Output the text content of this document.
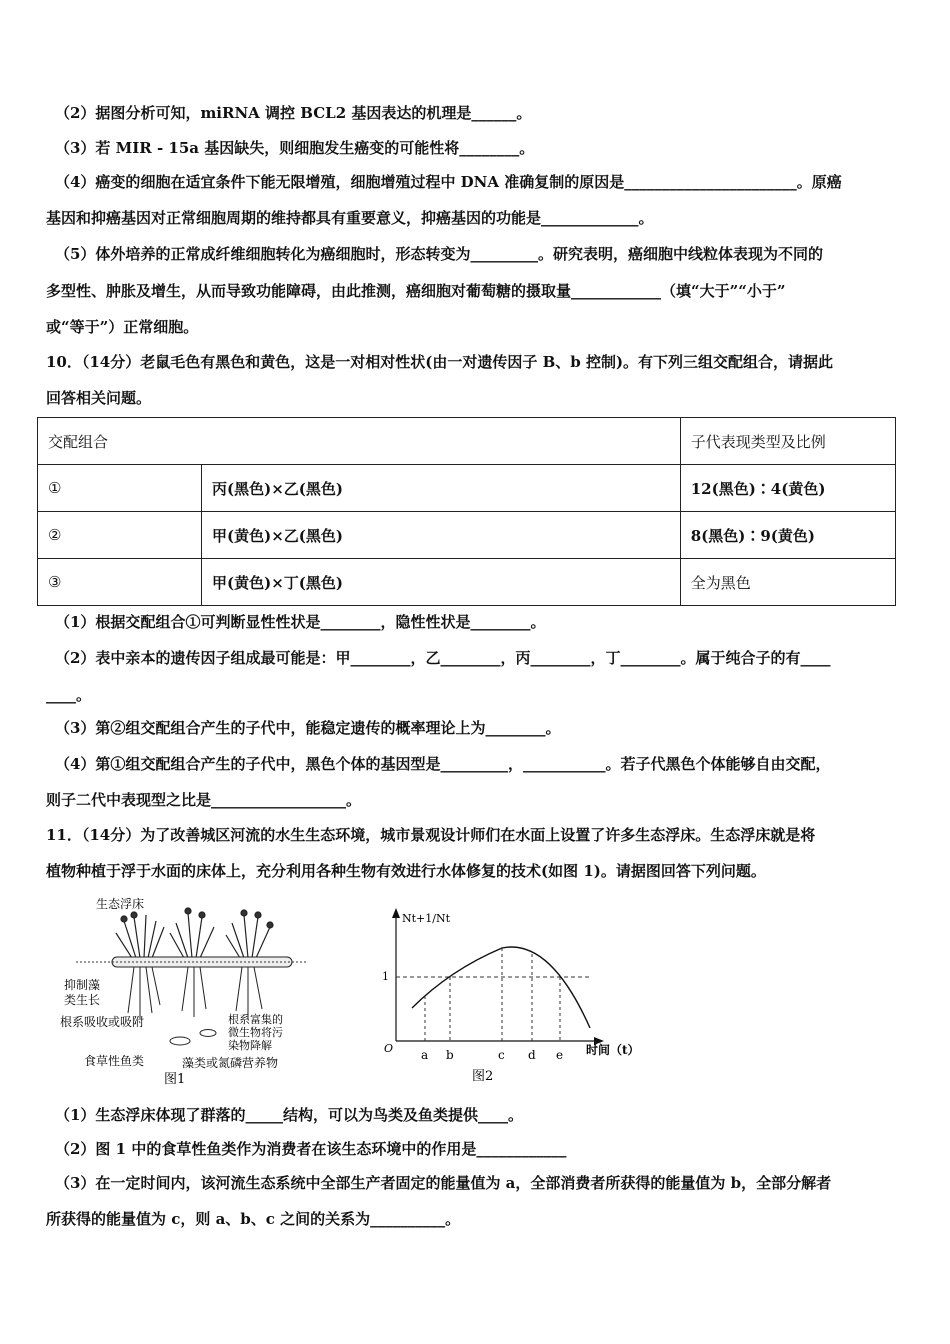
（2）据图分析可知，miRNA 调控 BCL2 基因表达的机理是______。
（3）若 MIR - 15a 基因缺失，则细胞发生癌变的可能性将________。
（4）癌变的细胞在适宜条件下能无限增殖，细胞增殖过程中 DNA 准确复制的原因是_______________________。原癌
基因和抑癌基因对正常细胞周期的维持都具有重要意义，抑癌基因的功能是_____________。
（5）体外培养的正常成纤维细胞转化为癌细胞时，形态转变为_________。研究表明，癌细胞中线粒体表现为不同的
多型性、肿胀及增生，从而导致功能障碍，由此推测，癌细胞对葡萄糖的摄取量____________（填“大于”“小于”
或“等于”）正常细胞。
10．（14分）老鼠毛色有黑色和黄色，这是一对相对性状(由一对遗传因子 B、b 控制)。有下列三组交配组合，请据此
回答相关问题。
交配组合		子代表现类型及比例
①	丙(黑色)×乙(黑色)	12(黑色)∶4(黄色)
②	甲(黄色)×乙(黑色)	8(黑色)∶9(黄色)
③	甲(黄色)×丁(黑色)	全为黑色
（1）根据交配组合①可判断显性性状是________，隐性性状是________。
（2）表中亲本的遗传因子组成最可能是：甲________，乙________，丙________，丁________。属于纯合子的有____
____。
（3）第②组交配组合产生的子代中，能稳定遗传的概率理论上为________。
（4）第①组交配组合产生的子代中，黑色个体的基因型是_________，___________。若子代黑色个体能够自由交配，
则子二代中表现型之比是__________________。
11．（14分）为了改善城区河流的水生生态环境，城市景观设计师们在水面上设置了许多生态浮床。生态浮床就是将
植物种植于浮于水面的床体上，充分利用各种生物有效进行水体修复的技术(如图 1)。请据图回答下列问题。
生态浮床
抑制藻
类生长
根系吸收或吸附	根系富集的
微生物将污
染物降解
食草性鱼类	藻类或氮磷营养物
图1
Nt+1/Nt
1
O a b	c d e 时间（t）
图2
（1）生态浮床体现了群落的_____结构，可以为鸟类及鱼类提供____。
（2）图 1 中的食草性鱼类作为消费者在该生态环境中的作用是____________
（3）在一定时间内，该河流生态系统中全部生产者固定的能量值为 a，全部消费者所获得的能量值为 b，全部分解者
所获得的能量值为 c，则 a、b、c 之间的关系为__________。
